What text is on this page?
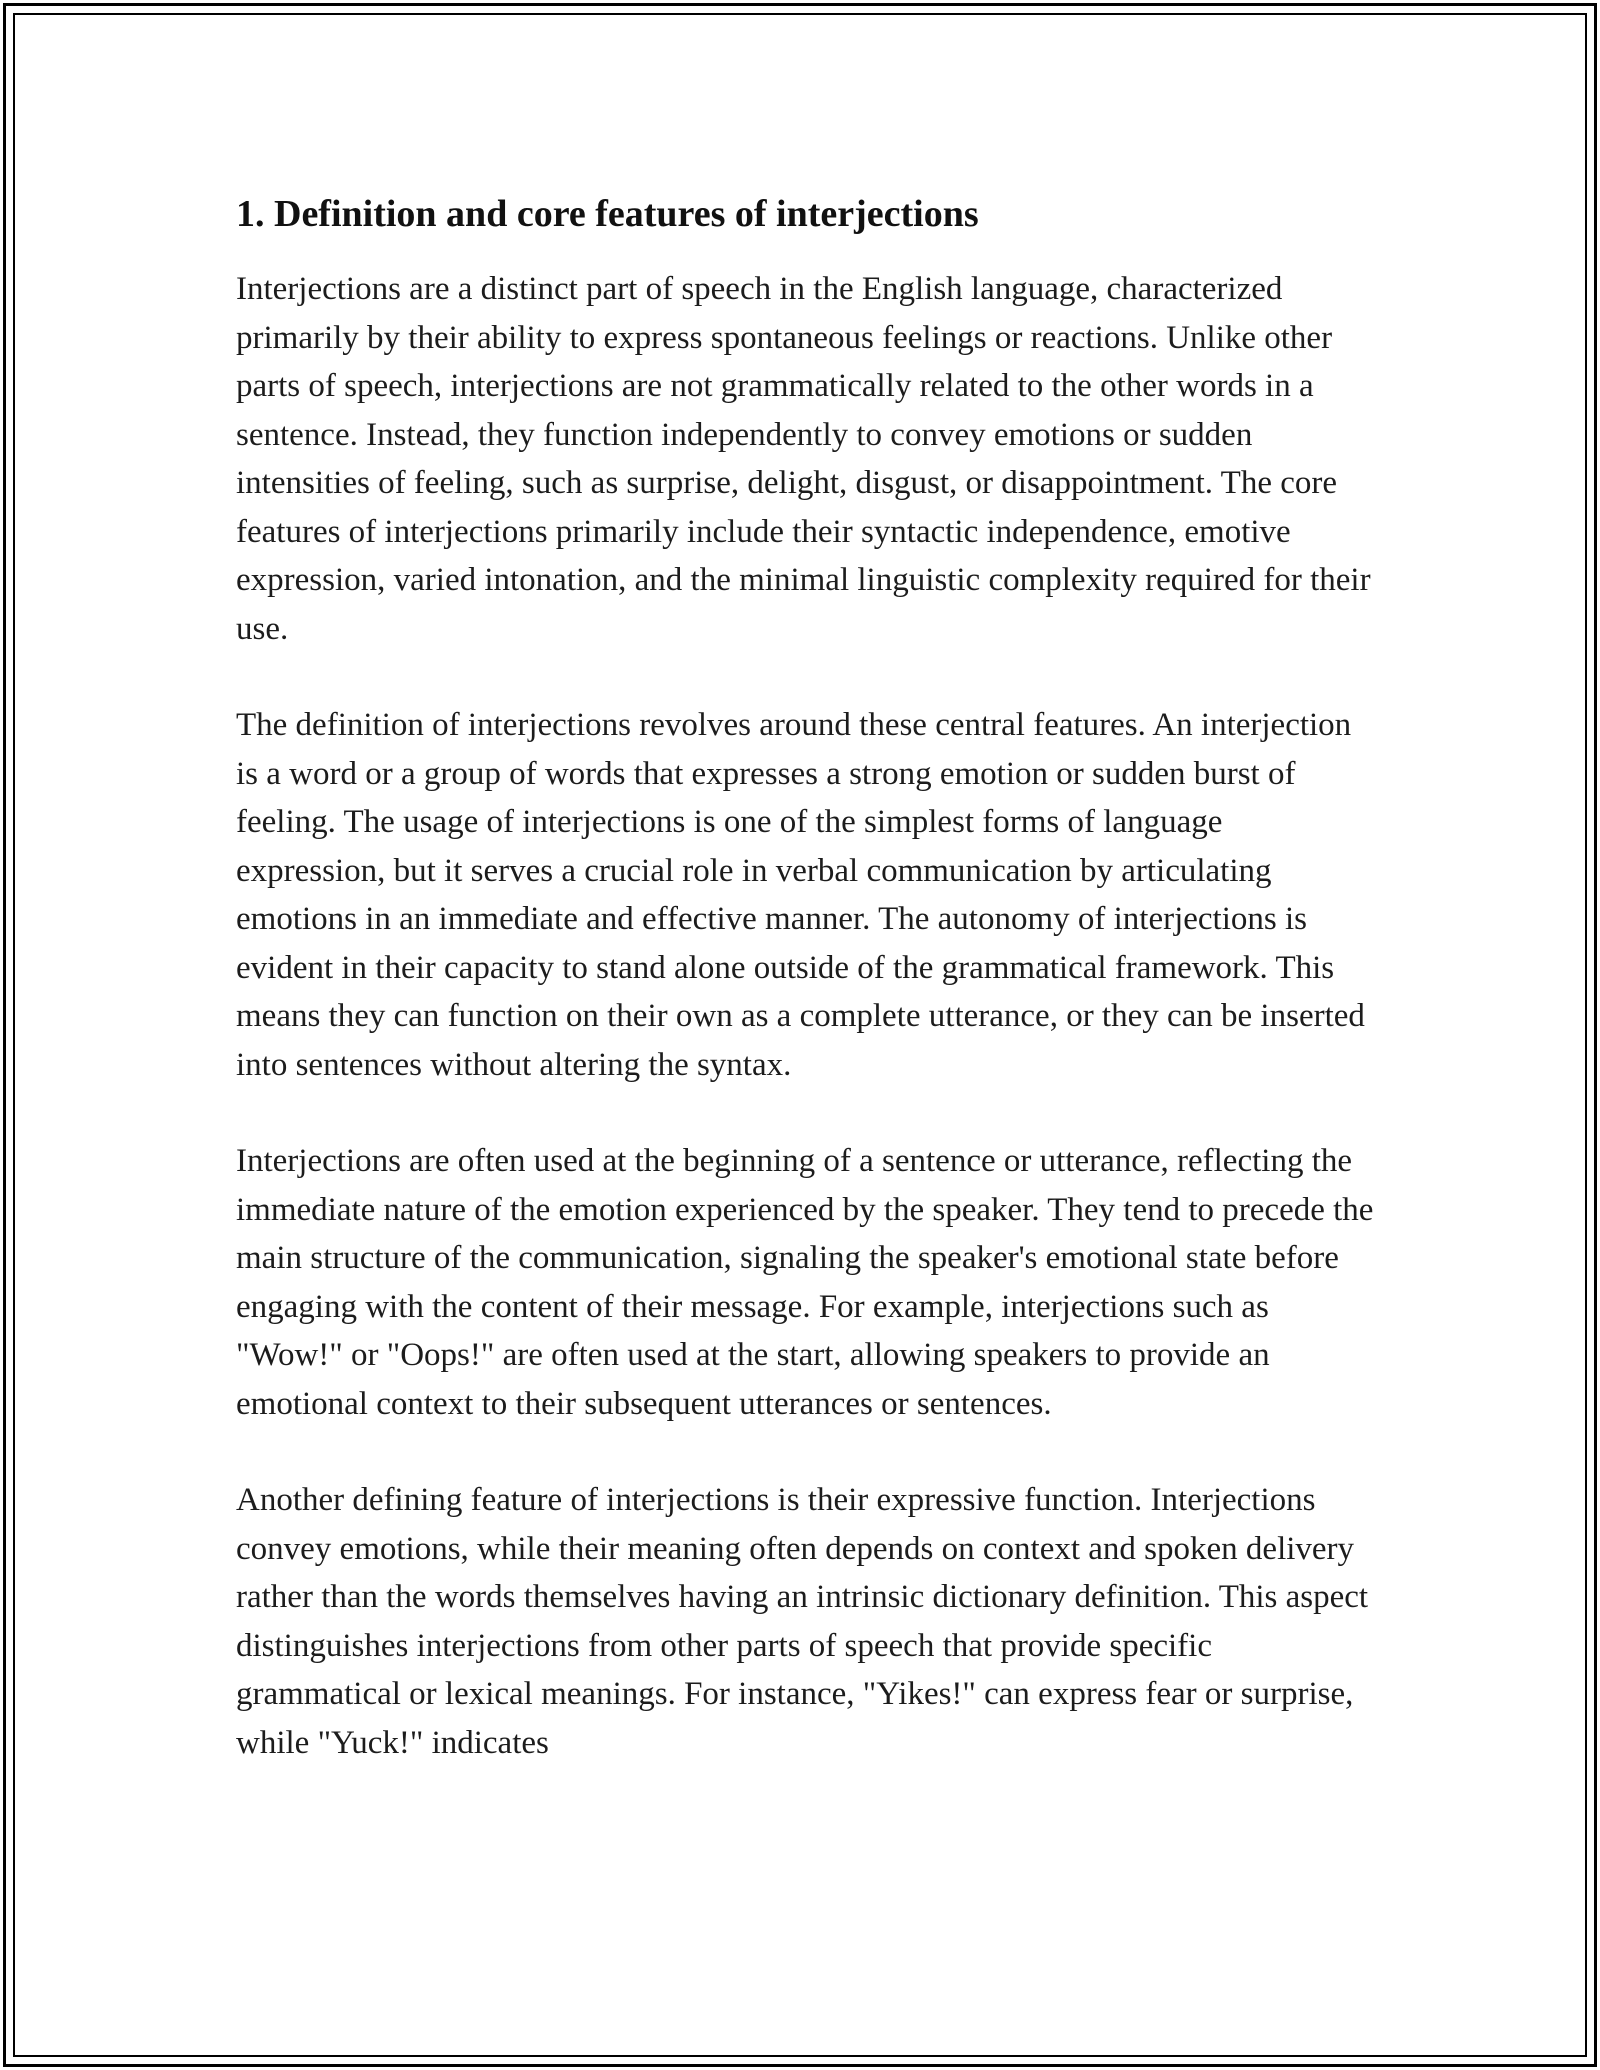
1. Definition and core features of interjections

Interjections are a distinct part of speech in the English language, characterized primarily by their ability to express spontaneous feelings or reactions. Unlike other parts of speech, interjections are not grammatically related to the other words in a sentence. Instead, they function independently to convey emotions or sudden intensities of feeling, such as surprise, delight, disgust, or disappointment. The core features of interjections primarily include their syntactic independence, emotive expression, varied intonation, and the minimal linguistic complexity required for their use.

The definition of interjections revolves around these central features. An interjection is a word or a group of words that expresses a strong emotion or sudden burst of feeling. The usage of interjections is one of the simplest forms of language expression, but it serves a crucial role in verbal communication by articulating emotions in an immediate and effective manner. The autonomy of interjections is evident in their capacity to stand alone outside of the grammatical framework. This means they can function on their own as a complete utterance, or they can be inserted into sentences without altering the syntax.

Interjections are often used at the beginning of a sentence or utterance, reflecting the immediate nature of the emotion experienced by the speaker. They tend to precede the main structure of the communication, signaling the speaker's emotional state before engaging with the content of their message. For example, interjections such as "Wow!" or "Oops!" are often used at the start, allowing speakers to provide an emotional context to their subsequent utterances or sentences.

Another defining feature of interjections is their expressive function. Interjections convey emotions, while their meaning often depends on context and spoken delivery rather than the words themselves having an intrinsic dictionary definition. This aspect distinguishes interjections from other parts of speech that provide specific grammatical or lexical meanings. For instance, "Yikes!" can express fear or surprise, while "Yuck!" indicates
